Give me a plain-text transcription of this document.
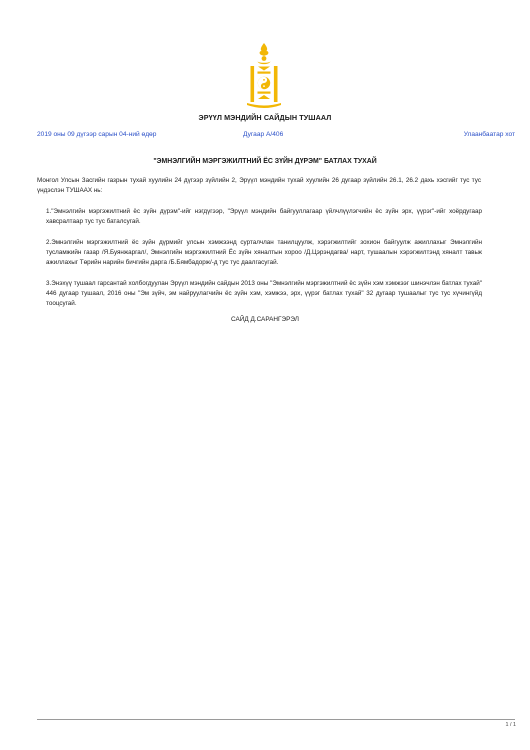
ЭРҮҮЛ МЭНДИЙН САЙДЫН ТУШААЛ
2019 оны 09 дүгээр сарын 04-ний өдөр	Дугаар А/406	Улаанбаатар хот
"ЭМНЭЛГИЙН МЭРГЭЖИЛТНИЙ ЁС ЗҮЙН ДҮРЭМ" БАТЛАХ ТУХАЙ
Монгол Улсын Засгийн газрын тухай хуулийн 24 дүгээр зүйлийн 2, Эрүүл мэндийн тухай хуулийн 26 дугаар зүйлийн 26.1, 26.2 дахь хэсгийг тус тус үндэслэн ТУШААХ нь:
1."Эмнэлгийн мэргэжилтний ёс зүйн дүрэм"-ийг нэгдүгээр, "Эрүүл мэндийн байгууллагаар үйлчлүүлэгчийн ёс зүйн эрх, үүрэг"-ийг хоёрдугаар хавсралтаар тус тус баталсугай.
2.Эмнэлгийн мэргэжилтний ёс зүйн дүрмийг улсын хэмжээнд сурталчлан танилцуулж, хэрэгжилтийг зохион байгуулж ажиллахыг Эмнэлгийн тусламжийн газар /Я.Буянжаргал/, Эмнэлгийн мэргэжилтний Ёс зүйн хяналтын хороо /Д.Цэрэндагва/ нарт, тушаалын хэрэгжилтэнд хяналт тавьж ажиллахыг Төрийн нарийн бичгийн дарга /Б.Бямбадорж/-д тус тус даалгасугай.
3.Энэхүү тушаал гарсантай холбогдуулан Эрүүл мэндийн сайдын 2013 оны "Эмнэлгийн мэргэжилтний ёс зүйн хэм хэмжээг шинэчлэн батлах тухай" 446 дугаар тушаал, 2016 оны "Эм зүйч, эм найруулагчийн ёс зүйн хэм, хэмжээ, эрх, үүрэг батлах тухай" 32 дугаар тушаалыг тус тус хүчингүйд тооцсугай.
САЙД Д.САРАНГЭРЭЛ
1 / 1
